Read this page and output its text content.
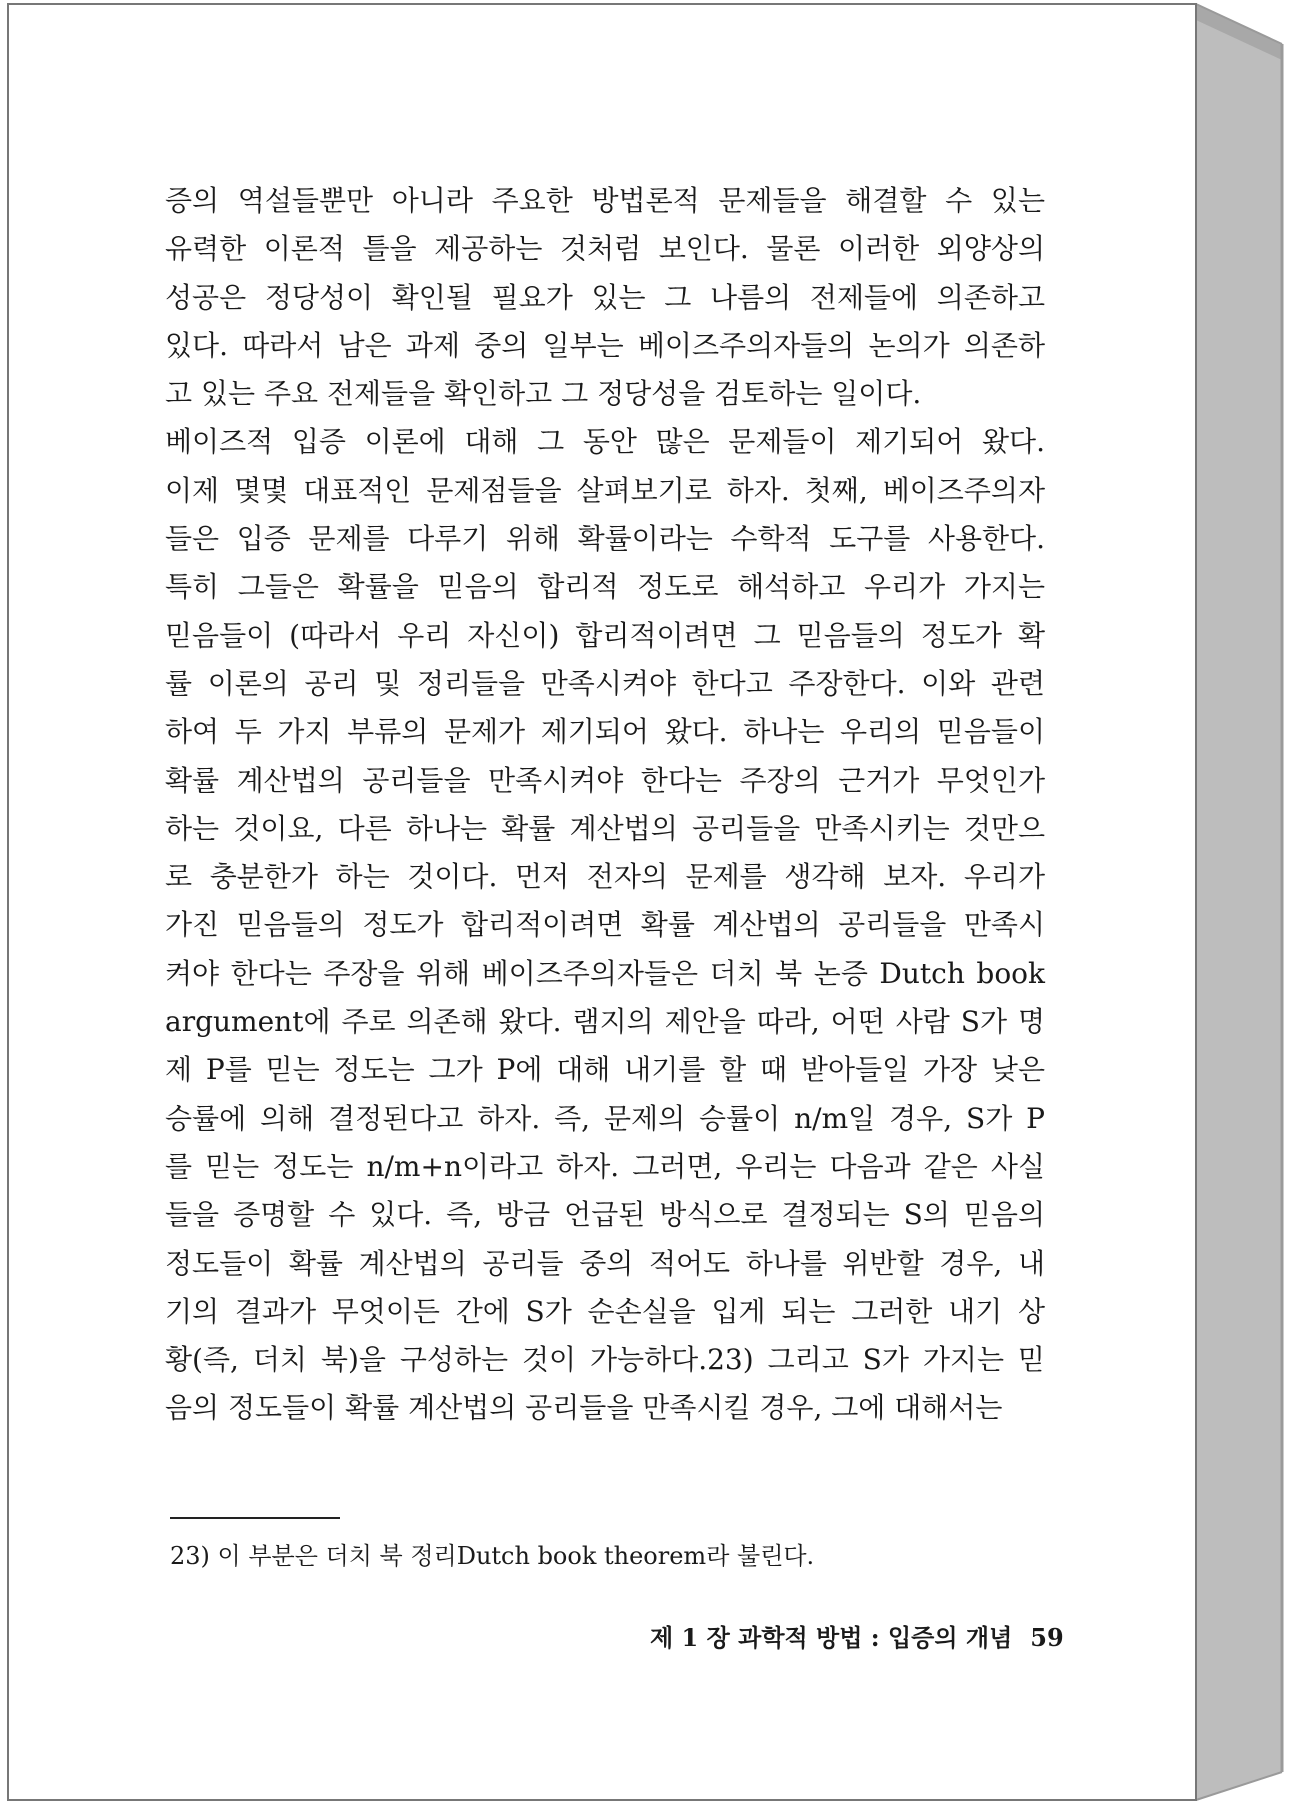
증의 역설들뿐만 아니라 주요한 방법론적 문제들을 해결할 수 있는
유력한 이론적 틀을 제공하는 것처럼 보인다. 물론 이러한 외양상의
성공은 정당성이 확인될 필요가 있는 그 나름의 전제들에 의존하고
있다. 따라서 남은 과제 중의 일부는 베이즈주의자들의 논의가 의존하
고 있는 주요 전제들을 확인하고 그 정당성을 검토하는 일이다.
베이즈적 입증 이론에 대해 그 동안 많은 문제들이 제기되어 왔다.
이제 몇몇 대표적인 문제점들을 살펴보기로 하자. 첫째, 베이즈주의자
들은 입증 문제를 다루기 위해 확률이라는 수학적 도구를 사용한다.
특히 그들은 확률을 믿음의 합리적 정도로 해석하고 우리가 가지는
믿음들이 (따라서 우리 자신이) 합리적이려면 그 믿음들의 정도가 확
률 이론의 공리 및 정리들을 만족시켜야 한다고 주장한다. 이와 관련
하여 두 가지 부류의 문제가 제기되어 왔다. 하나는 우리의 믿음들이
확률 계산법의 공리들을 만족시켜야 한다는 주장의 근거가 무엇인가
하는 것이요, 다른 하나는 확률 계산법의 공리들을 만족시키는 것만으
로 충분한가 하는 것이다. 먼저 전자의 문제를 생각해 보자. 우리가
가진 믿음들의 정도가 합리적이려면 확률 계산법의 공리들을 만족시
켜야 한다는 주장을 위해 베이즈주의자들은 더치 북 논증 Dutch book
argument에 주로 의존해 왔다. 램지의 제안을 따라, 어떤 사람 S가 명
제 P를 믿는 정도는 그가 P에 대해 내기를 할 때 받아들일 가장 낮은
승률에 의해 결정된다고 하자. 즉, 문제의 승률이 n/m일 경우, S가 P
를 믿는 정도는 n/m+n이라고 하자. 그러면, 우리는 다음과 같은 사실
들을 증명할 수 있다. 즉, 방금 언급된 방식으로 결정되는 S의 믿음의
정도들이 확률 계산법의 공리들 중의 적어도 하나를 위반할 경우, 내
기의 결과가 무엇이든 간에 S가 순손실을 입게 되는 그러한 내기 상
황(즉, 더치 북)을 구성하는 것이 가능하다.23) 그리고 S가 가지는 믿
음의 정도들이 확률 계산법의 공리들을 만족시킬 경우, 그에 대해서는
23) 이 부분은 더치 북 정리Dutch book theorem라 불린다.
제 1 장 과학적 방법 : 입증의 개념 59
